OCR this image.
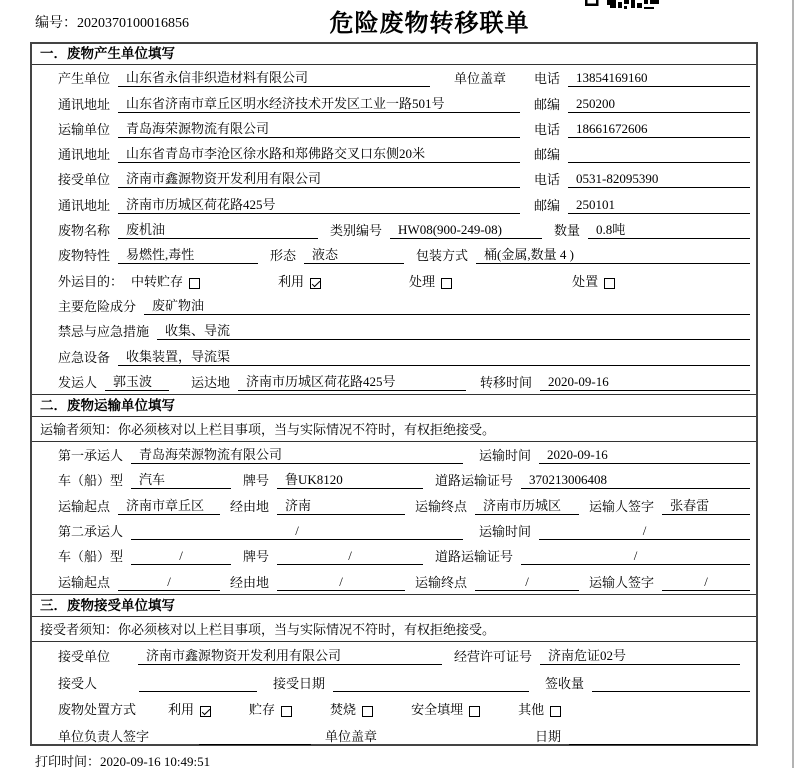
编号：2020370100016856	危险废物转移联单
一．废物产生单位填写
产生单位	山东省永信非织造材料有限公司	单位盖章 电话	13854169160
通讯地址	山东省济南市章丘区明水经济技术开发区工业一路501号	邮编	250200
运输单位	青岛海荣源物流有限公司	电话	18661672606
通讯地址	山东省青岛市李沧区徐水路和郑佛路交叉口东侧20米	邮编
接受单位	济南市鑫源物资开发利用有限公司	电话	0531-82095390
通讯地址	济南市历城区荷花路425号	邮编	250101
废物名称	废机油	类别编号	HW08(900-249-08)	数量	0.8吨
废物特性	易燃性,毒性	形态	液态	包装方式	桶(金属,数量 4 )
外运目的： 中转贮存	利用	处理	处置
主要危险成分	废矿物油
禁忌与应急措施	收集、导流
应急设备	收集装置，导流渠
发运人	郭玉波	运达地	济南市历城区荷花路425号	转移时间	2020-09-16
二．废物运输单位填写
运输者须知：你必须核对以上栏目事项，当与实际情况不符时，有权拒绝接受。
第一承运人	青岛海荣源物流有限公司	运输时间	2020-09-16
车（船）型	汽车	牌号	鲁UK8120	道路运输证号	370213006408
运输起点	济南市章丘区	经由地	济南	运输终点	济南市历城区	运输人签字	张春雷
第二承运人	/	运输时间	/
车（船）型	/	牌号	/	道路运输证号	/
运输起点	/	经由地	/	运输终点	/	运输人签字	/
三．废物接受单位填写
接受者须知：你必须核对以上栏目事项，当与实际情况不符时，有权拒绝接受。
接受单位	济南市鑫源物资开发利用有限公司	经营许可证号	济南危证02号
接受人	接受日期	签收量
废物处置方式 利用	贮存	焚烧	安全填埋	其他
单位负责人签字	单位盖章	日期
打印时间：2020-09-16 10:49:51
